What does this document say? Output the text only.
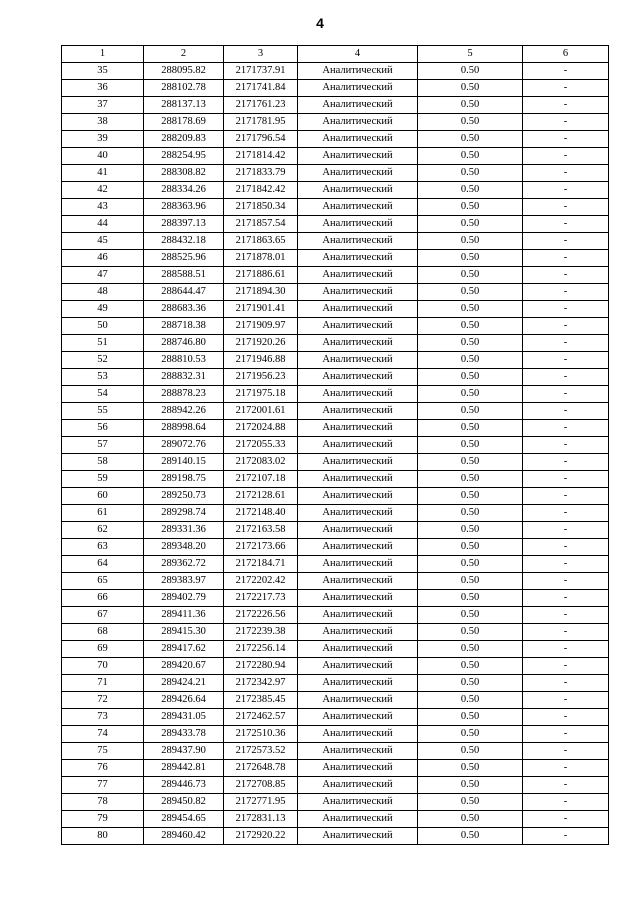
4
1	2	3	4	5	6
35	288095.82	2171737.91	Аналитический	0.50	-
36	288102.78	2171741.84	Аналитический	0.50	-
37	288137.13	2171761.23	Аналитический	0.50	-
38	288178.69	2171781.95	Аналитический	0.50	-
39	288209.83	2171796.54	Аналитический	0.50	-
40	288254.95	2171814.42	Аналитический	0.50	-
41	288308.82	2171833.79	Аналитический	0.50	-
42	288334.26	2171842.42	Аналитический	0.50	-
43	288363.96	2171850.34	Аналитический	0.50	-
44	288397.13	2171857.54	Аналитический	0.50	-
45	288432.18	2171863.65	Аналитический	0.50	-
46	288525.96	2171878.01	Аналитический	0.50	-
47	288588.51	2171886.61	Аналитический	0.50	-
48	288644.47	2171894.30	Аналитический	0.50	-
49	288683.36	2171901.41	Аналитический	0.50	-
50	288718.38	2171909.97	Аналитический	0.50	-
51	288746.80	2171920.26	Аналитический	0.50	-
52	288810.53	2171946.88	Аналитический	0.50	-
53	288832.31	2171956.23	Аналитический	0.50	-
54	288878.23	2171975.18	Аналитический	0.50	-
55	288942.26	2172001.61	Аналитический	0.50	-
56	288998.64	2172024.88	Аналитический	0.50	-
57	289072.76	2172055.33	Аналитический	0.50	-
58	289140.15	2172083.02	Аналитический	0.50	-
59	289198.75	2172107.18	Аналитический	0.50	-
60	289250.73	2172128.61	Аналитический	0.50	-
61	289298.74	2172148.40	Аналитический	0.50	-
62	289331.36	2172163.58	Аналитический	0.50	-
63	289348.20	2172173.66	Аналитический	0.50	-
64	289362.72	2172184.71	Аналитический	0.50	-
65	289383.97	2172202.42	Аналитический	0.50	-
66	289402.79	2172217.73	Аналитический	0.50	-
67	289411.36	2172226.56	Аналитический	0.50	-
68	289415.30	2172239.38	Аналитический	0.50	-
69	289417.62	2172256.14	Аналитический	0.50	-
70	289420.67	2172280.94	Аналитический	0.50	-
71	289424.21	2172342.97	Аналитический	0.50	-
72	289426.64	2172385.45	Аналитический	0.50	-
73	289431.05	2172462.57	Аналитический	0.50	-
74	289433.78	2172510.36	Аналитический	0.50	-
75	289437.90	2172573.52	Аналитический	0.50	-
76	289442.81	2172648.78	Аналитический	0.50	-
77	289446.73	2172708.85	Аналитический	0.50	-
78	289450.82	2172771.95	Аналитический	0.50	-
79	289454.65	2172831.13	Аналитический	0.50	-
80	289460.42	2172920.22	Аналитический	0.50	-
